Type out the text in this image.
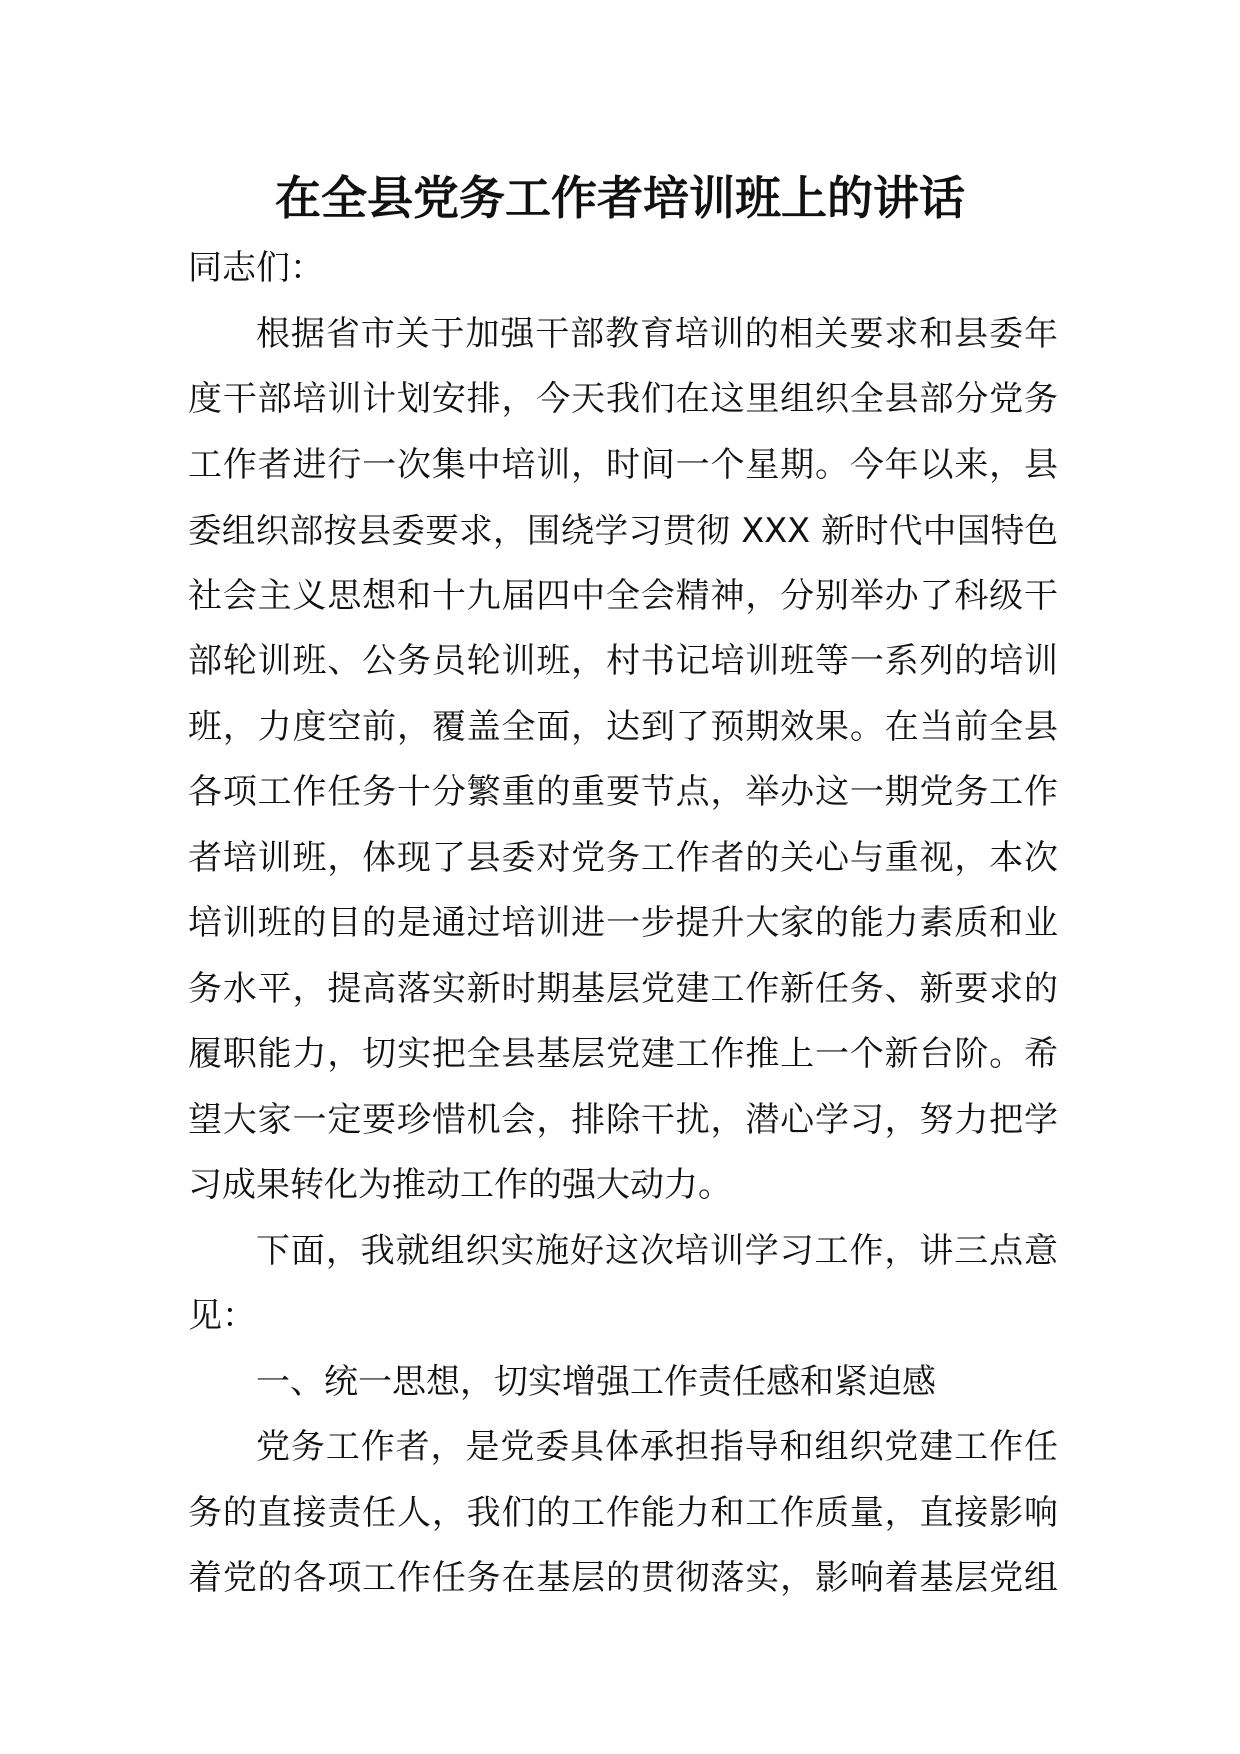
在全县党务工作者培训班上的讲话
同志们：
根据省市关于加强干部教育培训的相关要求和县委年
度干部培训计划安排，今天我们在这里组织全县部分党务
工作者进行一次集中培训，时间一个星期。今年以来，县
委组织部按县委要求，围绕学习贯彻 XXX 新时代中国特色
社会主义思想和十九届四中全会精神，分别举办了科级干
部轮训班、公务员轮训班，村书记培训班等一系列的培训
班，力度空前，覆盖全面，达到了预期效果。在当前全县
各项工作任务十分繁重的重要节点，举办这一期党务工作
者培训班，体现了县委对党务工作者的关心与重视，本次
培训班的目的是通过培训进一步提升大家的能力素质和业
务水平，提高落实新时期基层党建工作新任务、新要求的
履职能力，切实把全县基层党建工作推上一个新台阶。希
望大家一定要珍惜机会，排除干扰，潜心学习，努力把学
习成果转化为推动工作的强大动力。
下面，我就组织实施好这次培训学习工作，讲三点意
见：
一、统一思想，切实增强工作责任感和紧迫感
党务工作者，是党委具体承担指导和组织党建工作任
务的直接责任人，我们的工作能力和工作质量，直接影响
着党的各项工作任务在基层的贯彻落实，影响着基层党组
